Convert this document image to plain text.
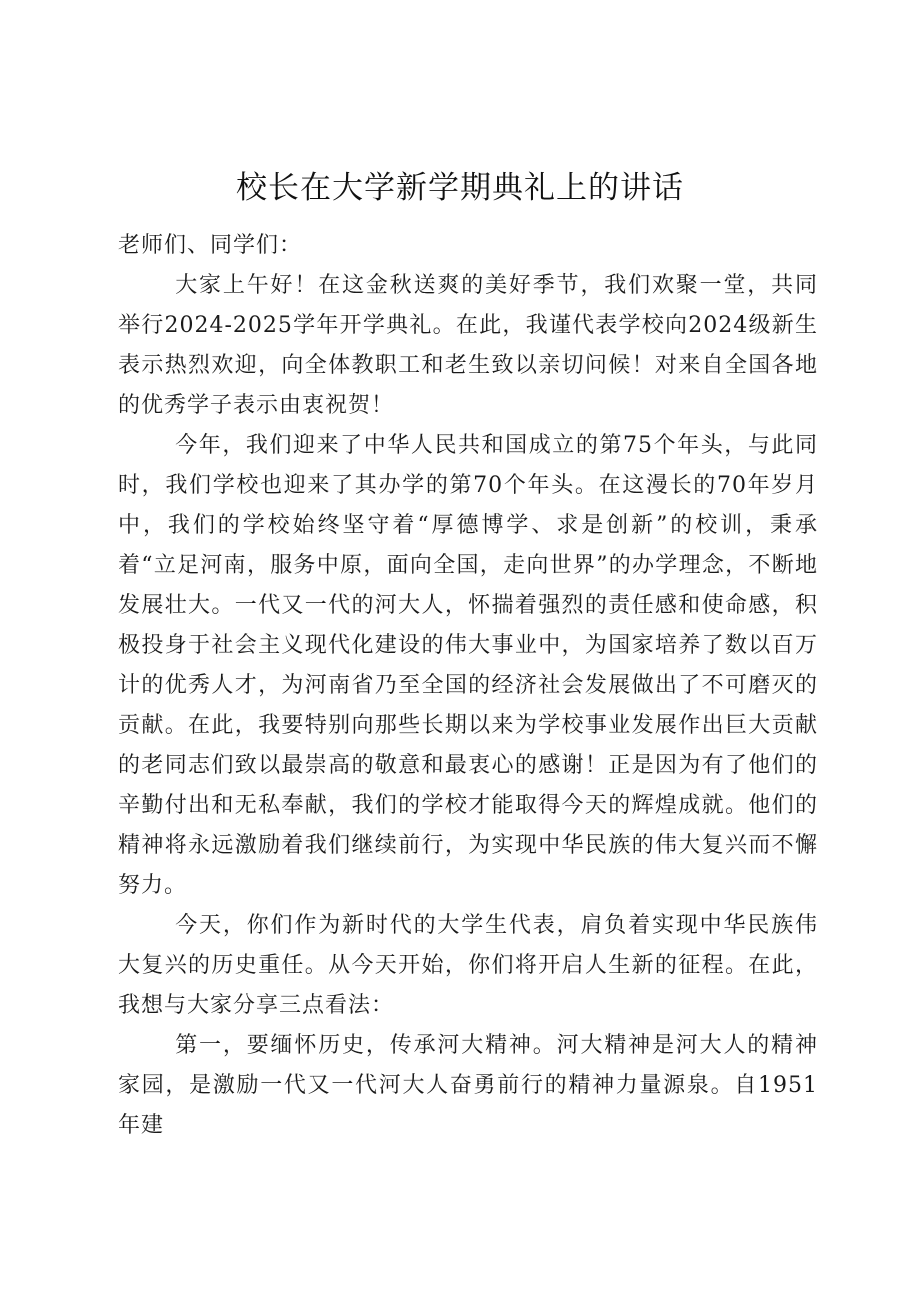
校长在大学新学期典礼上的讲话

老师们、同学们：

大家上午好！在这金秋送爽的美好季节，我们欢聚一堂，共同举行2024-2025学年开学典礼。在此，我谨代表学校向2024级新生表示热烈欢迎，向全体教职工和老生致以亲切问候！对来自全国各地的优秀学子表示由衷祝贺！

今年，我们迎来了中华人民共和国成立的第75个年头，与此同时，我们学校也迎来了其办学的第70个年头。在这漫长的70年岁月中，我们的学校始终坚守着“厚德博学、求是创新”的校训，秉承着“立足河南，服务中原，面向全国，走向世界”的办学理念，不断地发展壮大。一代又一代的河大人，怀揣着强烈的责任感和使命感，积极投身于社会主义现代化建设的伟大事业中，为国家培养了数以百万计的优秀人才，为河南省乃至全国的经济社会发展做出了不可磨灭的贡献。在此，我要特别向那些长期以来为学校事业发展作出巨大贡献的老同志们致以最崇高的敬意和最衷心的感谢！正是因为有了他们的辛勤付出和无私奉献，我们的学校才能取得今天的辉煌成就。他们的精神将永远激励着我们继续前行，为实现中华民族的伟大复兴而不懈努力。

今天，你们作为新时代的大学生代表，肩负着实现中华民族伟大复兴的历史重任。从今天开始，你们将开启人生新的征程。在此，我想与大家分享三点看法：

第一，要缅怀历史，传承河大精神。河大精神是河大人的精神家园，是激励一代又一代河大人奋勇前行的精神力量源泉。自1951年建
